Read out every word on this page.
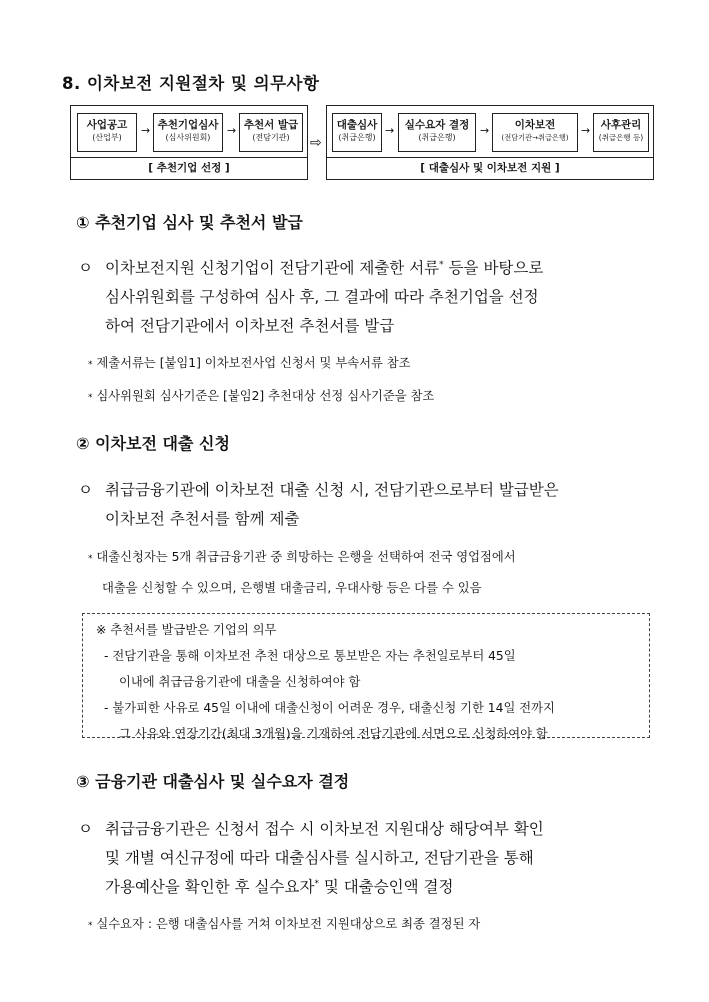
8. 이차보전 지원절차 및 의무사항
사업공고
(산업부)
→ 추천기업심사
(심사위원회)
→ 추천서 발급
(전담기관)
[ 추천기업 선정 ]
⇨
대출심사
(취급은행)
→	실수요자 결정
(취급은행)
→	이차보전
(전담기관→취급은행)
→ 사후관리
(취급은행 등)
[ 대출심사 및 이차보전 지원 ]
① 추천기업 심사 및 추천서 발급
ㅇ 이차보전지원 신청기업이 전담기관에 제출한 서류* 등을 바탕으로
심사위원회를 구성하여 심사 후, 그 결과에 따라 추천기업을 선정
하여 전담기관에서 이차보전 추천서를 발급
* 제출서류는 [붙임1] 이차보전사업 신청서 및 부속서류 참조
* 심사위원회 심사기준은 [붙임2] 추천대상 선정 심사기준을 참조
② 이차보전 대출 신청
ㅇ 취급금융기관에 이차보전 대출 신청 시, 전담기관으로부터 발급받은
이차보전 추천서를 함께 제출
* 대출신청자는 5개 취급금융기관 중 희망하는 은행을 선택하여 전국 영업점에서
대출을 신청할 수 있으며, 은행별 대출금리, 우대사항 등은 다를 수 있음
※ 추천서를 발급받은 기업의 의무
- 전담기관을 통해 이차보전 추천 대상으로 통보받은 자는 추천일로부터 45일
이내에 취급금융기관에 대출을 신청하여야 함
- 불가피한 사유로 45일 이내에 대출신청이 어려운 경우, 대출신청 기한 14일 전까지
그 사유와 연장기간(최대 3개월)을 기재하여 전담기관에 서면으로 신청하여야 함
③ 금융기관 대출심사 및 실수요자 결정
ㅇ 취급금융기관은 신청서 접수 시 이차보전 지원대상 해당여부 확인
및 개별 여신규정에 따라 대출심사를 실시하고, 전담기관을 통해
가용예산을 확인한 후 실수요자* 및 대출승인액 결정
* 실수요자 : 은행 대출심사를 거쳐 이차보전 지원대상으로 최종 결정된 자
